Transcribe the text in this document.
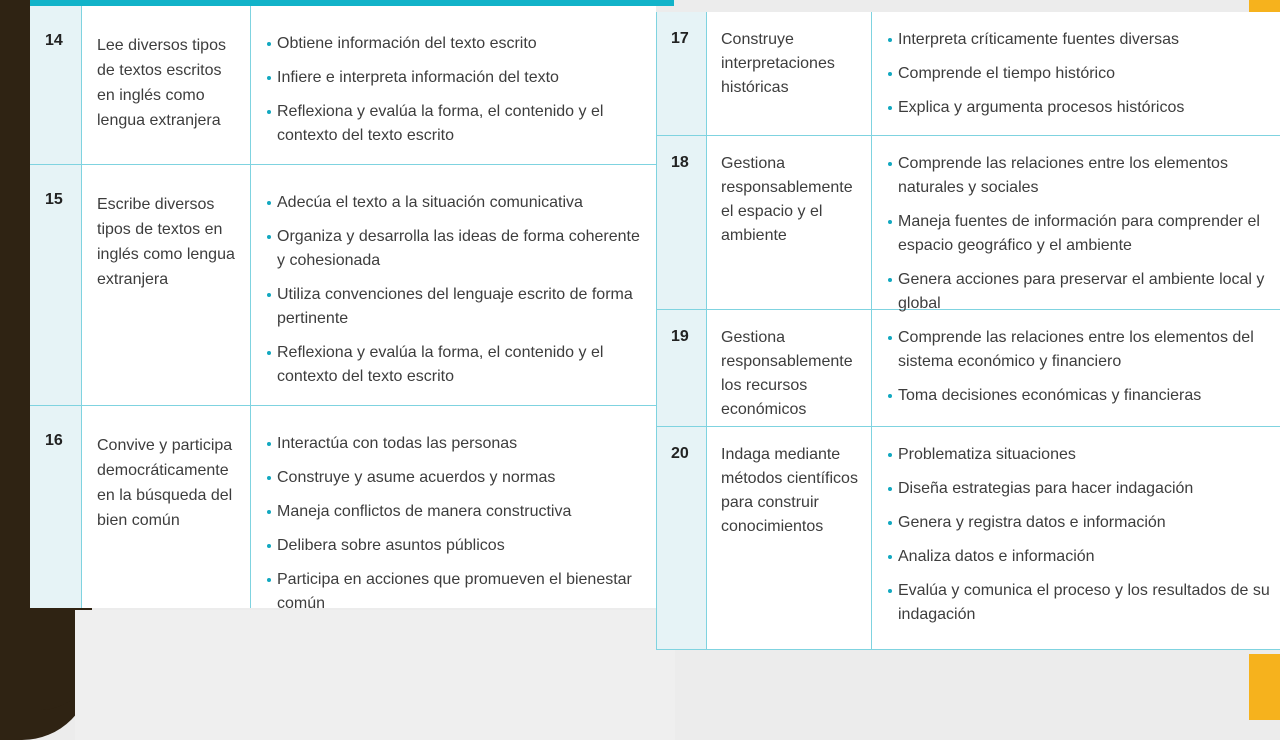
14	Lee diversos tipos de textos escritos en inglés como lengua extranjera
Obtiene información del texto escrito
Infiere e interpreta información del texto
Reflexiona y evalúa la forma, el contenido y el contexto del texto escrito
15	Escribe diversos tipos de textos en inglés como lengua extranjera
Adecúa el texto a la situación comunicativa
Organiza y desarrolla las ideas de forma coherente y cohesionada
Utiliza convenciones del lenguaje escrito de forma pertinente
Reflexiona y evalúa la forma, el contenido y el contexto del texto escrito
16	Convive y participa democráticamente en la búsqueda del bien común
Interactúa con todas las personas
Construye y asume acuerdos y normas
Maneja conflictos de manera constructiva
Delibera sobre asuntos públicos
Participa en acciones que promueven el bienestar común
17	Construye interpretaciones históricas
Interpreta críticamente fuentes diversas
Comprende el tiempo histórico
Explica y argumenta procesos históricos
18	Gestiona responsablemente el espacio y el ambiente
Comprende las relaciones entre los elementos naturales y sociales
Maneja fuentes de información para comprender el espacio geográfico y el ambiente
Genera acciones para preservar el ambiente local y global
19	Gestiona responsablemente los recursos económicos
Comprende las relaciones entre los elementos del sistema económico y financiero
Toma decisiones económicas y financieras
20	Indaga mediante métodos científicos para construir conocimientos
Problematiza situaciones
Diseña estrategias para hacer indagación
Genera y registra datos e información
Analiza datos e información
Evalúa y comunica el proceso y los resultados de su indagación
